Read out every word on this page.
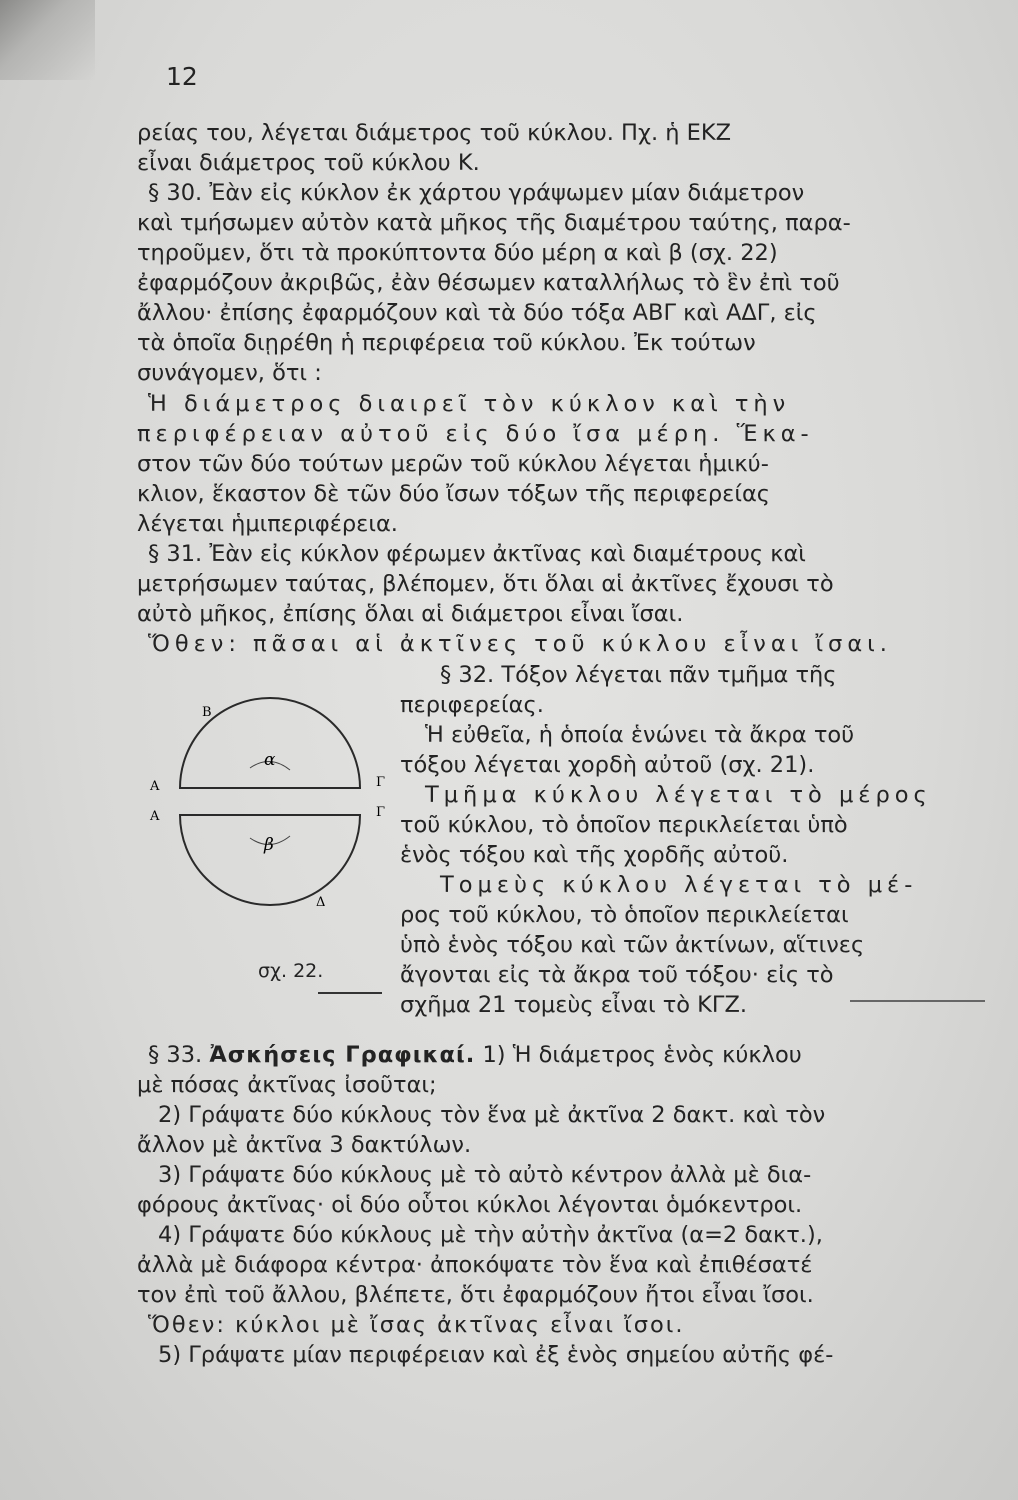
12
ρείας του, λέγεται διάμετρος τοῦ κύκλου. Πχ. ἡ ΕΚΖ
εἶναι διάμετρος τοῦ κύκλου Κ.
§ 30. Ἐὰν εἰς κύκλον ἐκ χάρτου γράψωμεν μίαν διάμετρον
καὶ τμήσωμεν αὐτὸν κατὰ μῆκος τῆς διαμέτρου ταύτης, παρα-
τηροῦμεν, ὅτι τὰ προκύπτοντα δύο μέρη α καὶ β (σχ. 22)
ἐφαρμόζουν ἀκριβῶς, ἐὰν θέσωμεν καταλλήλως τὸ ἓν ἐπὶ τοῦ
ἄλλου· ἐπίσης ἐφαρμόζουν καὶ τὰ δύο τόξα ΑΒΓ καὶ ΑΔΓ, εἰς
τὰ ὁποῖα διῃρέθη ἡ περιφέρεια τοῦ κύκλου. Ἐκ τούτων
συνάγομεν, ὅτι :
Ἡ διάμετρος διαιρεῖ τὸν κύκλον καὶ τὴν
περιφέρειαν αὐτοῦ εἰς δύο ἴσα μέρη. Ἕκα-
στον τῶν δύο τούτων μερῶν τοῦ κύκλου λέγεται ἡμικύ-
κλιον, ἕκαστον δὲ τῶν δύο ἴσων τόξων τῆς περιφερείας
λέγεται ἡμιπεριφέρεια.
§ 31. Ἐὰν εἰς κύκλον φέρωμεν ἀκτῖνας καὶ διαμέτρους καὶ
μετρήσωμεν ταύτας, βλέπομεν, ὅτι ὅλαι αἱ ἀκτῖνες ἔχουσι τὸ
αὐτὸ μῆκος, ἐπίσης ὅλαι αἱ διάμετροι εἶναι ἴσαι.
Ὅθεν: πᾶσαι αἱ ἀκτῖνες τοῦ κύκλου εἶναι ἴσαι.
Β
Α
Α
Γ
Γ
Δ
α
β
σχ. 22.
§ 32. Τόξον λέγεται πᾶν τμῆμα τῆς
περιφερείας.
Ἡ εὐθεῖα, ἡ ὁποία ἑνώνει τὰ ἄκρα τοῦ
τόξου λέγεται χορδὴ αὐτοῦ (σχ. 21).
Τμῆμα κύκλου λέγεται τὸ μέρος
τοῦ κύκλου, τὸ ὁποῖον περικλείεται ὑπὸ
ἑνὸς τόξου καὶ τῆς χορδῆς αὐτοῦ.
Τομεὺς κύκλου λέγεται τὸ μέ-
ρος τοῦ κύκλου, τὸ ὁποῖον περικλείεται
ὑπὸ ἑνὸς τόξου καὶ τῶν ἀκτίνων, αἵτινες
ἄγονται εἰς τὰ ἄκρα τοῦ τόξου· εἰς τὸ
σχῆμα 21 τομεὺς εἶναι τὸ ΚΓΖ.
§ 33. Ἀσκήσεις Γραφικαί. 1) Ἡ διάμετρος ἑνὸς κύκλου
μὲ πόσας ἀκτῖνας ἰσοῦται;
2) Γράψατε δύο κύκλους τὸν ἕνα μὲ ἀκτῖνα 2 δακτ. καὶ τὸν
ἄλλον μὲ ἀκτῖνα 3 δακτύλων.
3) Γράψατε δύο κύκλους μὲ τὸ αὐτὸ κέντρον ἀλλὰ μὲ δια-
φόρους ἀκτῖνας· οἱ δύο οὗτοι κύκλοι λέγονται ὁμόκεντροι.
4) Γράψατε δύο κύκλους μὲ τὴν αὐτὴν ἀκτῖνα (α=2 δακτ.),
ἀλλὰ μὲ διάφορα κέντρα· ἀποκόψατε τὸν ἕνα καὶ ἐπιθέσατέ
τον ἐπὶ τοῦ ἄλλου, βλέπετε, ὅτι ἐφαρμόζουν ἤτοι εἶναι ἴσοι.
Ὅθεν: κύκλοι μὲ ἴσας ἀκτῖνας εἶναι ἴσοι.
5) Γράψατε μίαν περιφέρειαν καὶ ἐξ ἑνὸς σημείου αὐτῆς φέ-
